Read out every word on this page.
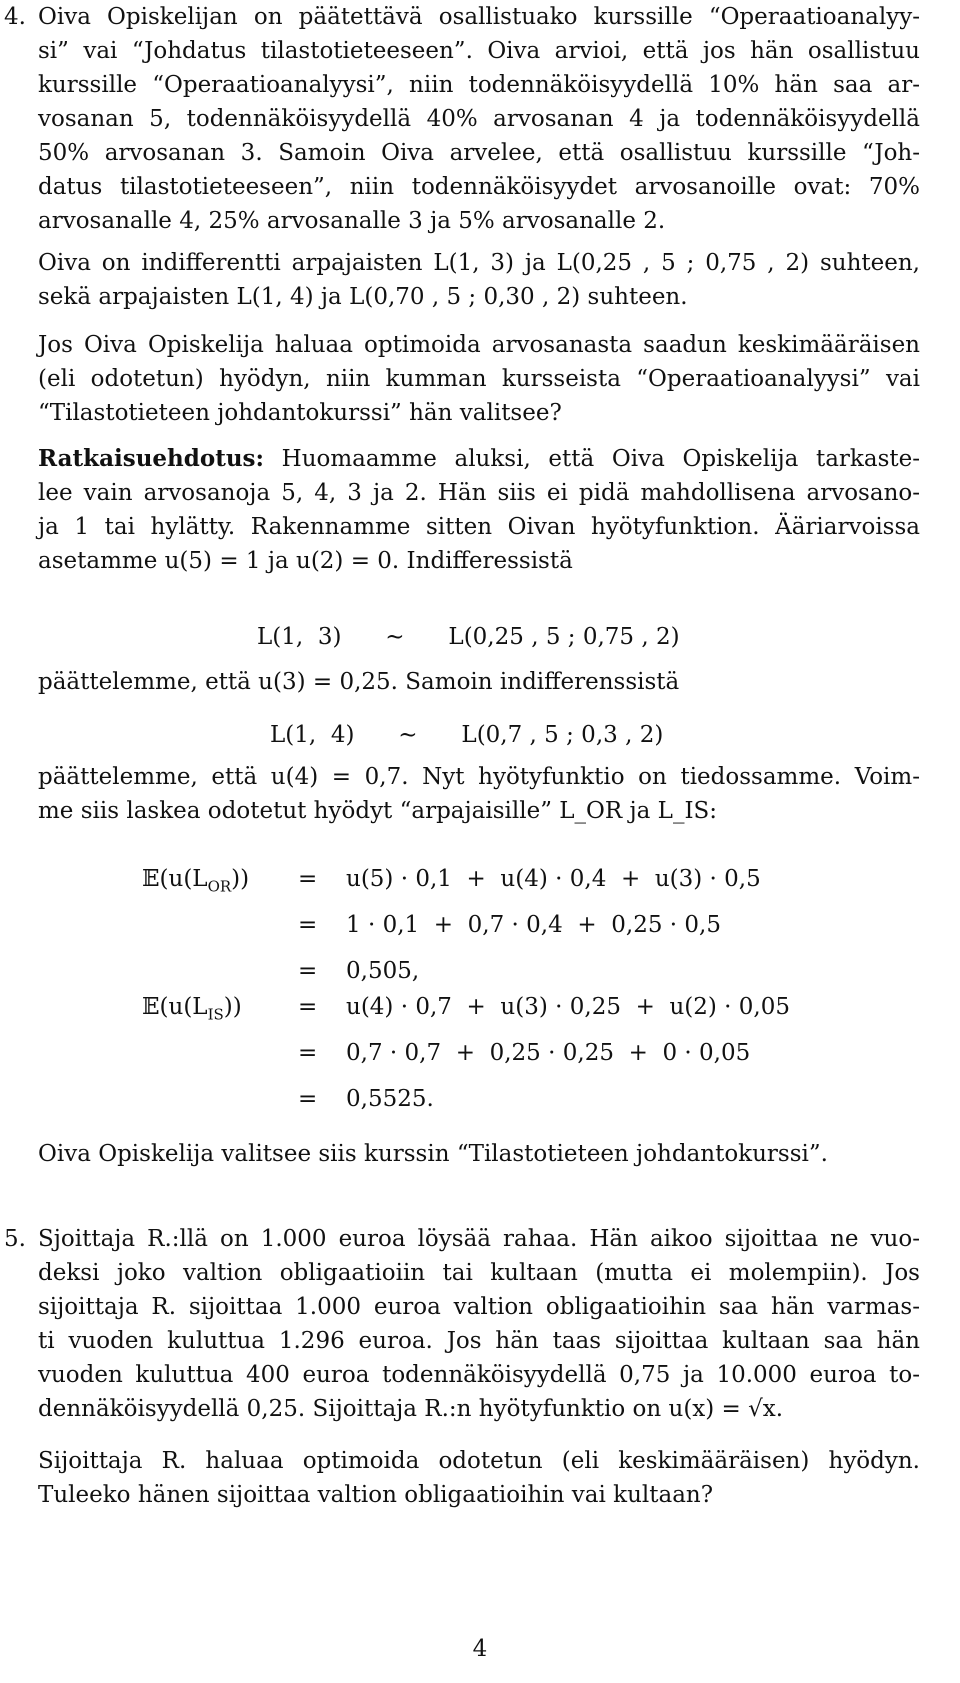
4. Oiva Opiskelijan on päätettävä osallistuako kurssille “Operaatioanalyy-
si” vai “Johdatus tilastotieteeseen”. Oiva arvioi, että jos hän osallistuu
kurssille “Operaatioanalyysi”, niin todennäköisyydellä 10% hän saa ar-
vosanan 5, todennäköisyydellä 40% arvosanan 4 ja todennäköisyydellä
50% arvosanan 3. Samoin Oiva arvelee, että osallistuu kurssille “Joh-
datus tilastotieteeseen”, niin todennäköisyydet arvosanoille ovat: 70%
arvosanalle 4, 25% arvosanalle 3 ja 5% arvosanalle 2.

Oiva on indifferentti arpajaisten L(1, 3) ja L(0,25 , 5 ; 0,75 , 2) suhteen,
sekä arpajaisten L(1, 4) ja L(0,70 , 5 ; 0,30 , 2) suhteen.

Jos Oiva Opiskelija haluaa optimoida arvosanasta saadun keskimääräisen
(eli odotetun) hyödyn, niin kumman kursseista “Operaatioanalyysi” vai
“Tilastotieteen johdantokurssi” hän valitsee?

Ratkaisuehdotus: Huomaamme aluksi, että Oiva Opiskelija tarkaste-
lee vain arvosanoja 5, 4, 3 ja 2. Hän siis ei pidä mahdollisena arvosano-
ja 1 tai hylätty. Rakennamme sitten Oivan hyötyfunktion. Ääriarvoissa
asetamme u(5) = 1 ja u(2) = 0. Indifferessistä

L(1,  3)      ∼      L(0,25 , 5 ; 0,75 , 2)

päättelemme, että u(3) = 0,25. Samoin indifferenssistä

L(1,  4)      ∼      L(0,7 , 5 ; 0,3 , 2)

päättelemme, että u(4) = 0,7. Nyt hyötyfunktio on tiedossamme. Voim-
me siis laskea odotetut hyödyt “arpajaisille” L_OR ja L_IS:

$𝔼(u(L_{OR})) = u(5) \cdot 0,1 + u(4) \cdot 0,4 + u(3) \cdot 0,5$
= 1 · 0,1  +  0,7 · 0,4  +  0,25 · 0,5
= 0,505,
$𝔼(u(L_{IS})) = u(4) \cdot 0,7 + u(3) \cdot 0,25 + u(2) \cdot 0,05$
= 0,7 · 0,7  +  0,25 · 0,25  +  0 · 0,05
= 0,5525.

Oiva Opiskelija valitsee siis kurssin “Tilastotieteen johdantokurssi”.

5. Sjoittaja R.:llä on 1.000 euroa löysää rahaa. Hän aikoo sijoittaa ne vuo-
deksi joko valtion obligaatioiin tai kultaan (mutta ei molempiin). Jos
sijoittaja R. sijoittaa 1.000 euroa valtion obligaatioihin saa hän varmas-
ti vuoden kuluttua 1.296 euroa. Jos hän taas sijoittaa kultaan saa hän
vuoden kuluttua 400 euroa todennäköisyydellä 0,75 ja 10.000 euroa to-
dennäköisyydellä 0,25. Sijoittaja R.:n hyötyfunktio on u(x) = √x.

Sijoittaja R. haluaa optimoida odotetun (eli keskimääräisen) hyödyn.
Tuleeko hänen sijoittaa valtion obligaatioihin vai kultaan?

4
